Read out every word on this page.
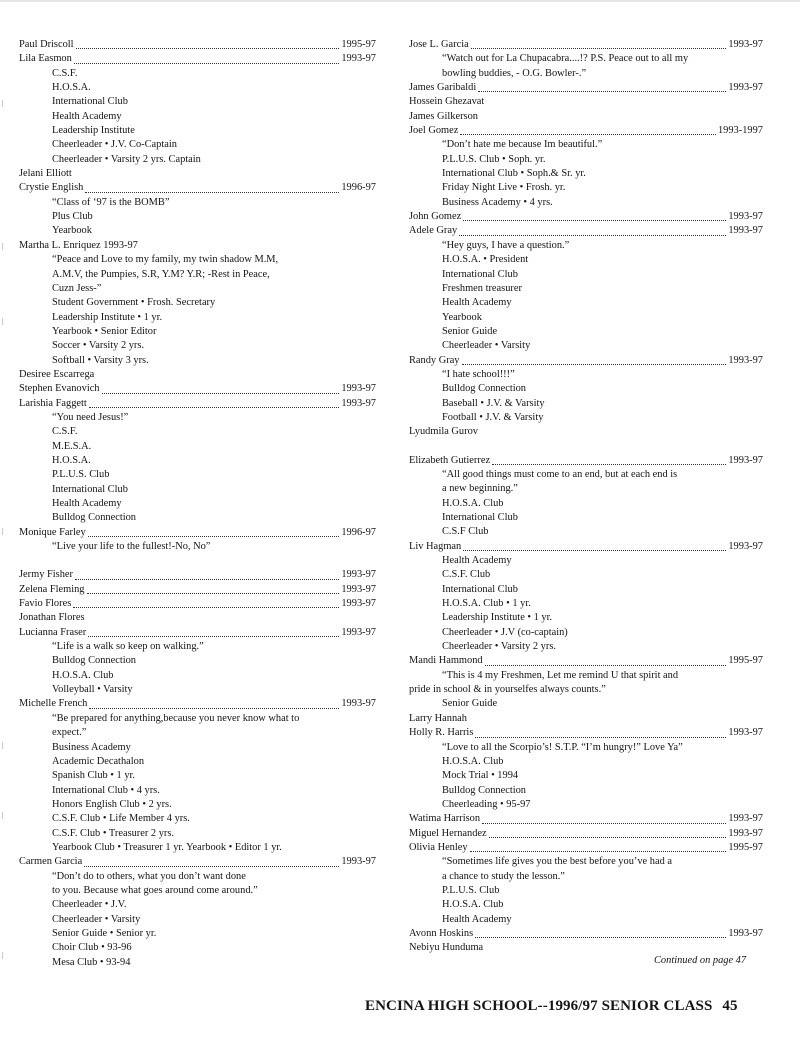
Paul Driscoll	1995-97
Lila Easmon	1993-97
C.S.F.
H.O.S.A.
International Club
Health Academy
Leadership Institute
Cheerleader • J.V. Co-Captain
Cheerleader • Varsity 2 yrs. Captain
Jelani Elliott
Crystie English	1996-97
“Class of ‘97 is the BOMB”
Plus Club
Yearbook
Martha L. Enriquez 1993-97
“Peace and Love to my family, my twin shadow M.M,
A.M.V, the Pumpies, S.R, Y.M? Y.R; -Rest in Peace,
Cuzn Jess-”
Student Government • Frosh. Secretary
Leadership Institute • 1 yr.
Yearbook • Senior Editor
Soccer • Varsity 2 yrs.
Softball • Varsity 3 yrs.
Desiree Escarrega
Stephen Evanovich	1993-97
Larishia Faggett	1993-97
“You need Jesus!”
C.S.F.
M.E.S.A.
H.O.S.A.
P.L.U.S. Club
International Club
Health Academy
Bulldog Connection
Monique Farley	1996-97
“Live your life to the fullest!-No, No”
Jermy Fisher	1993-97
Zelena Fleming	1993-97
Favio Flores	1993-97
Jonathan Flores
Lucianna Fraser	1993-97
“Life is a walk so keep on walking.”
Bulldog Connection
H.O.S.A. Club
Volleyball • Varsity
Michelle French	1993-97
“Be prepared for anything,because you never know what to
expect.”
Business Academy
Academic Decathalon
Spanish Club • 1 yr.
International Club • 4 yrs.
Honors English Club • 2 yrs.
C.S.F. Club • Life Member 4 yrs.
C.S.F. Club • Treasurer 2 yrs.
Yearbook Club • Treasurer 1 yr. Yearbook • Editor 1 yr.
Carmen Garcia	1993-97
“Don’t do to others, what you don’t want done
to you. Because what goes around come around.”
Cheerleader • J.V.
Cheerleader • Varsity
Senior Guide • Senior yr.
Choir Club • 93-96
Mesa Club • 93-94
Jose L. Garcia	1993-97
“Watch out for La Chupacabra....!? P.S. Peace out to all my
bowling buddies, - O.G. Bowler-.”
James Garibaldi	1993-97
Hossein Ghezavat
James Gilkerson
Joel Gomez	1993-1997
“Don’t hate me because Im beautiful.”
P.L.U.S. Club • Soph. yr.
International Club • Soph.& Sr. yr.
Friday Night Live • Frosh. yr.
Business Academy • 4 yrs.
John Gomez	1993-97
Adele Gray	1993-97
“Hey guys, I have a question.”
H.O.S.A. • President
International Club
Freshmen treasurer
Health Academy
Yearbook
Senior Guide
Cheerleader • Varsity
Randy Gray	1993-97
“I hate school!!!”
Bulldog Connection
Baseball • J.V. & Varsity
Football • J.V. & Varsity
Lyudmila Gurov
Elizabeth Gutierrez	1993-97
“All good things must come to an end, but at each end is
a new beginning.”
H.O.S.A. Club
International Club
C.S.F Club
Liv Hagman	1993-97
Health Academy
C.S.F. Club
International Club
H.O.S.A. Club • 1 yr.
Leadership Institute • 1 yr.
Cheerleader • J.V (co-captain)
Cheerleader • Varsity 2 yrs.
Mandi Hammond	1995-97
“This is 4 my Freshmen, Let me remind U that spirit and
pride in school & in yourselfes always counts.”
Senior Guide
Larry Hannah
Holly R. Harris	1993-97
“Love to all the Scorpio’s! S.T.P. “I’m hungry!” Love Ya”
H.O.S.A. Club
Mock Trial • 1994
Bulldog Connection
Cheerleading • 95-97
Watima Harrison	1993-97
Miguel Hernandez	1993-97
Olivia Henley	1995-97
“Sometimes life gives you the best before you’ve had a
a chance to study the lesson.”
P.L.U.S. Club
H.O.S.A. Club
Health Academy
Avonn Hoskins	1993-97
Nebiyu Hunduma
Continued on page 47
ENCINA HIGH SCHOOL--1996/97 SENIOR CLASS 45
